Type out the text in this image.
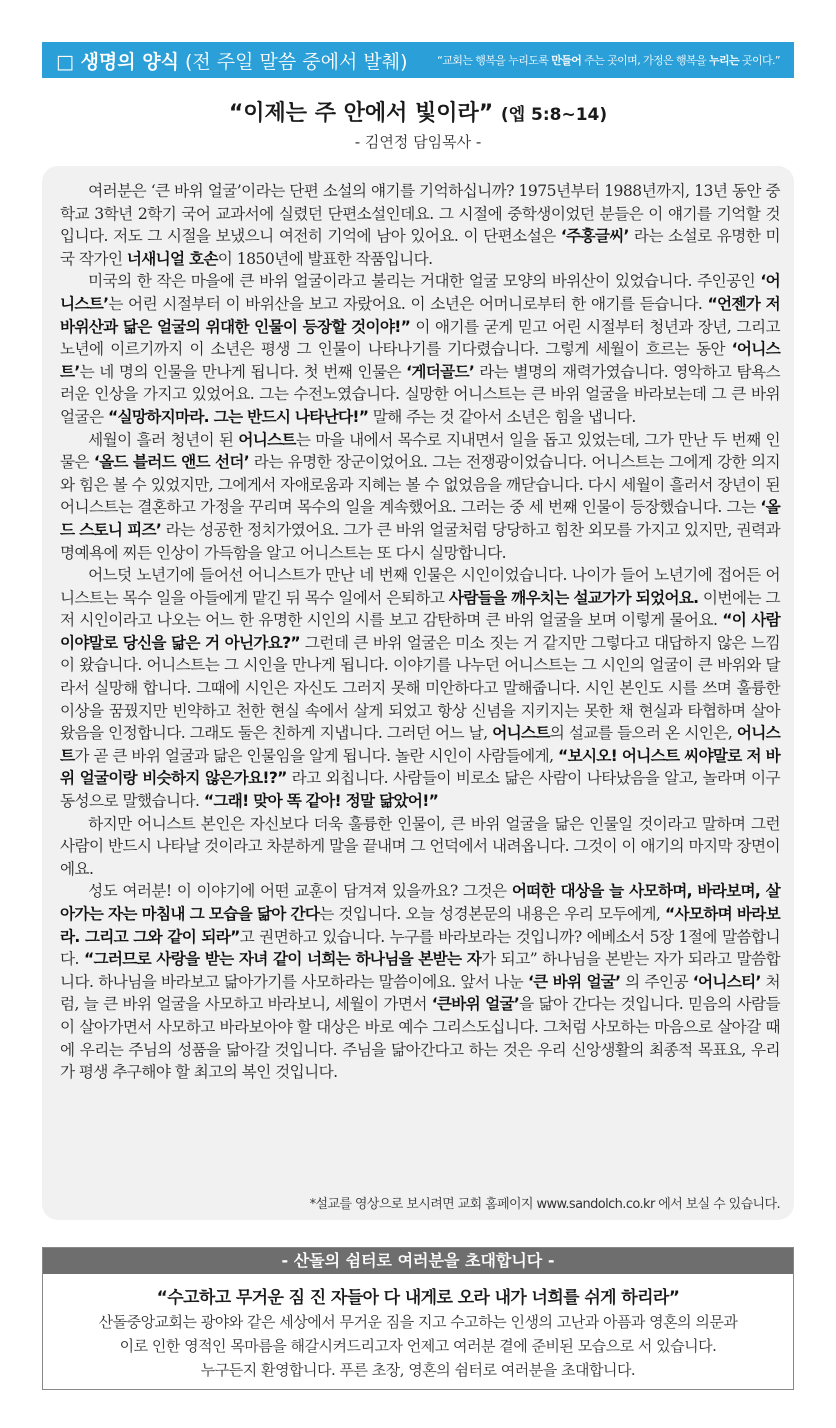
□ 생명의 양식 (전 주일 말씀 중에서 발췌)	“교회는 행복을 누리도록 만들어 주는 곳이며, 가정은 행복을 누리는 곳이다.”
“이제는 주 안에서 빛이라” (엡 5:8~14)
- 김연정 담임목사 -

여러분은 ‘큰 바위 얼굴’이라는 단편 소설의 얘기를 기억하십니까? 1975년부터 1988년까지, 13년 동안 중학교 3학년 2학기 국어 교과서에 실렸던 단편소설인데요. 그 시절에 중학생이었던 분들은 이 얘기를 기억할 것입니다. 저도 그 시절을 보냈으니 여전히 기억에 남아 있어요. 이 단편소설은 ‘주홍글씨’ 라는 소설로 유명한 미국 작가인 너새니얼 호손이 1850년에 발표한 작품입니다.

미국의 한 작은 마을에 큰 바위 얼굴이라고 불리는 거대한 얼굴 모양의 바위산이 있었습니다. 주인공인 ‘어니스트’는 어린 시절부터 이 바위산을 보고 자랐어요. 이 소년은 어머니로부터 한 애기를 듣습니다. “언젠가 저 바위산과 닮은 얼굴의 위대한 인물이 등장할 것이야!” 이 애기를 굳게 믿고 어린 시절부터 청년과 장년, 그리고 노년에 이르기까지 이 소년은 평생 그 인물이 나타나기를 기다렸습니다. 그렇게 세월이 흐르는 동안 ‘어니스트’는 네 명의 인물을 만나게 됩니다. 첫 번째 인물은 ‘게더골드’ 라는 별명의 재력가였습니다. 영악하고 탐욕스러운 인상을 가지고 있었어요. 그는 수전노였습니다. 실망한 어니스트는 큰 바위 얼굴을 바라보는데 그 큰 바위 얼굴은 “실망하지마라. 그는 반드시 나타난다!” 말해 주는 것 같아서 소년은 힘을 냅니다.

세월이 흘러 청년이 된 어니스트는 마을 내에서 목수로 지내면서 일을 돕고 있었는데, 그가 만난 두 번째 인물은 ‘올드 블러드 앤드 선더’ 라는 유명한 장군이었어요. 그는 전쟁광이었습니다. 어니스트는 그에게 강한 의지와 힘은 볼 수 있었지만, 그에게서 자애로움과 지혜는 볼 수 없었음을 깨닫습니다. 다시 세월이 흘러서 장년이 된 어니스트는 결혼하고 가정을 꾸리며 목수의 일을 계속했어요. 그러는 중 세 번째 인물이 등장했습니다. 그는 ‘올드 스토니 피즈’ 라는 성공한 정치가였어요. 그가 큰 바위 얼굴처럼 당당하고 힘찬 외모를 가지고 있지만, 권력과 명예욕에 찌든 인상이 가득함을 알고 어니스트는 또 다시 실망합니다.

어느덧 노년기에 들어선 어니스트가 만난 네 번째 인물은 시인이었습니다. 나이가 들어 노년기에 접어든 어니스트는 목수 일을 아들에게 맡긴 뒤 목수 일에서 은퇴하고 사람들을 깨우치는 설교가가 되었어요. 이번에는 그저 시인이라고 나오는 어느 한 유명한 시인의 시를 보고 감탄하며 큰 바위 얼굴을 보며 이렇게 물어요. “이 사람이야말로 당신을 닮은 거 아닌가요?” 그런데 큰 바위 얼굴은 미소 짓는 거 같지만 그렇다고 대답하지 않은 느낌이 왔습니다. 어니스트는 그 시인을 만나게 됩니다. 이야기를 나누던 어니스트는 그 시인의 얼굴이 큰 바위와 달라서 실망해 합니다. 그때에 시인은 자신도 그러지 못해 미안하다고 말해줍니다. 시인 본인도 시를 쓰며 훌륭한 이상을 꿈꿨지만 빈약하고 천한 현실 속에서 살게 되었고 항상 신념을 지키지는 못한 채 현실과 타협하며 살아 왔음을 인정합니다. 그래도 둘은 친하게 지냅니다. 그러던 어느 날, 어니스트의 설교를 들으러 온 시인은, 어니스트가 곧 큰 바위 얼굴과 닮은 인물임을 알게 됩니다. 놀란 시인이 사람들에게, “보시오! 어니스트 씨야말로 저 바위 얼굴이랑 비슷하지 않은가요!?” 라고 외칩니다. 사람들이 비로소 닮은 사람이 나타났음을 알고, 놀라며 이구동성으로 말했습니다. “그래! 맞아 똑 같아! 정말 닮았어!”

하지만 어니스트 본인은 자신보다 더욱 훌륭한 인물이, 큰 바위 얼굴을 닮은 인물일 것이라고 말하며 그런 사람이 반드시 나타날 것이라고 차분하게 말을 끝내며 그 언덕에서 내려옵니다. 그것이 이 애기의 마지막 장면이에요.

성도 여러분! 이 이야기에 어떤 교훈이 담겨져 있을까요? 그것은 어떠한 대상을 늘 사모하며, 바라보며, 살아가는 자는 마침내 그 모습을 닮아 간다는 것입니다. 오늘 성경본문의 내용은 우리 모두에게, “사모하며 바라보라. 그리고 그와 같이 되라”고 권면하고 있습니다. 누구를 바라보라는 것입니까? 에베소서 5장 1절에 말씀합니다. “그러므로 사랑을 받는 자녀 같이 너희는 하나님을 본받는 자가 되고” 하나님을 본받는 자가 되라고 말씀합니다. 하나님을 바라보고 닮아가기를 사모하라는 말씀이에요. 앞서 나눈 ‘큰 바위 얼굴’ 의 주인공 ‘어니스티’ 처럼, 늘 큰 바위 얼굴을 사모하고 바라보니, 세월이 가면서 ‘큰바위 얼굴’을 닮아 간다는 것입니다. 믿음의 사람들이 살아가면서 사모하고 바라보아야 할 대상은 바로 예수 그리스도십니다. 그처럼 사모하는 마음으로 살아갈 때에 우리는 주님의 성품을 닮아갈 것입니다. 주님을 닮아간다고 하는 것은 우리 신앙생활의 최종적 목표요, 우리가 평생 추구해야 할 최고의 복인 것입니다.

*설교를 영상으로 보시려면 교회 홈페이지 www.sandolch.co.kr 에서 보실 수 있습니다.
- 산돌의 쉼터로 여러분을 초대합니다 -
“수고하고 무거운 짐 진 자들아 다 내게로 오라 내가 너희를 쉬게 하리라”
산돌중앙교회는 광야와 같은 세상에서 무거운 짐을 지고 수고하는 인생의 고난과 아픔과 영혼의 의문과
이로 인한 영적인 목마름을 해갈시켜드리고자 언제고 여러분 곁에 준비된 모습으로 서 있습니다.
누구든지 환영합니다. 푸른 초장, 영혼의 쉼터로 여러분을 초대합니다.
